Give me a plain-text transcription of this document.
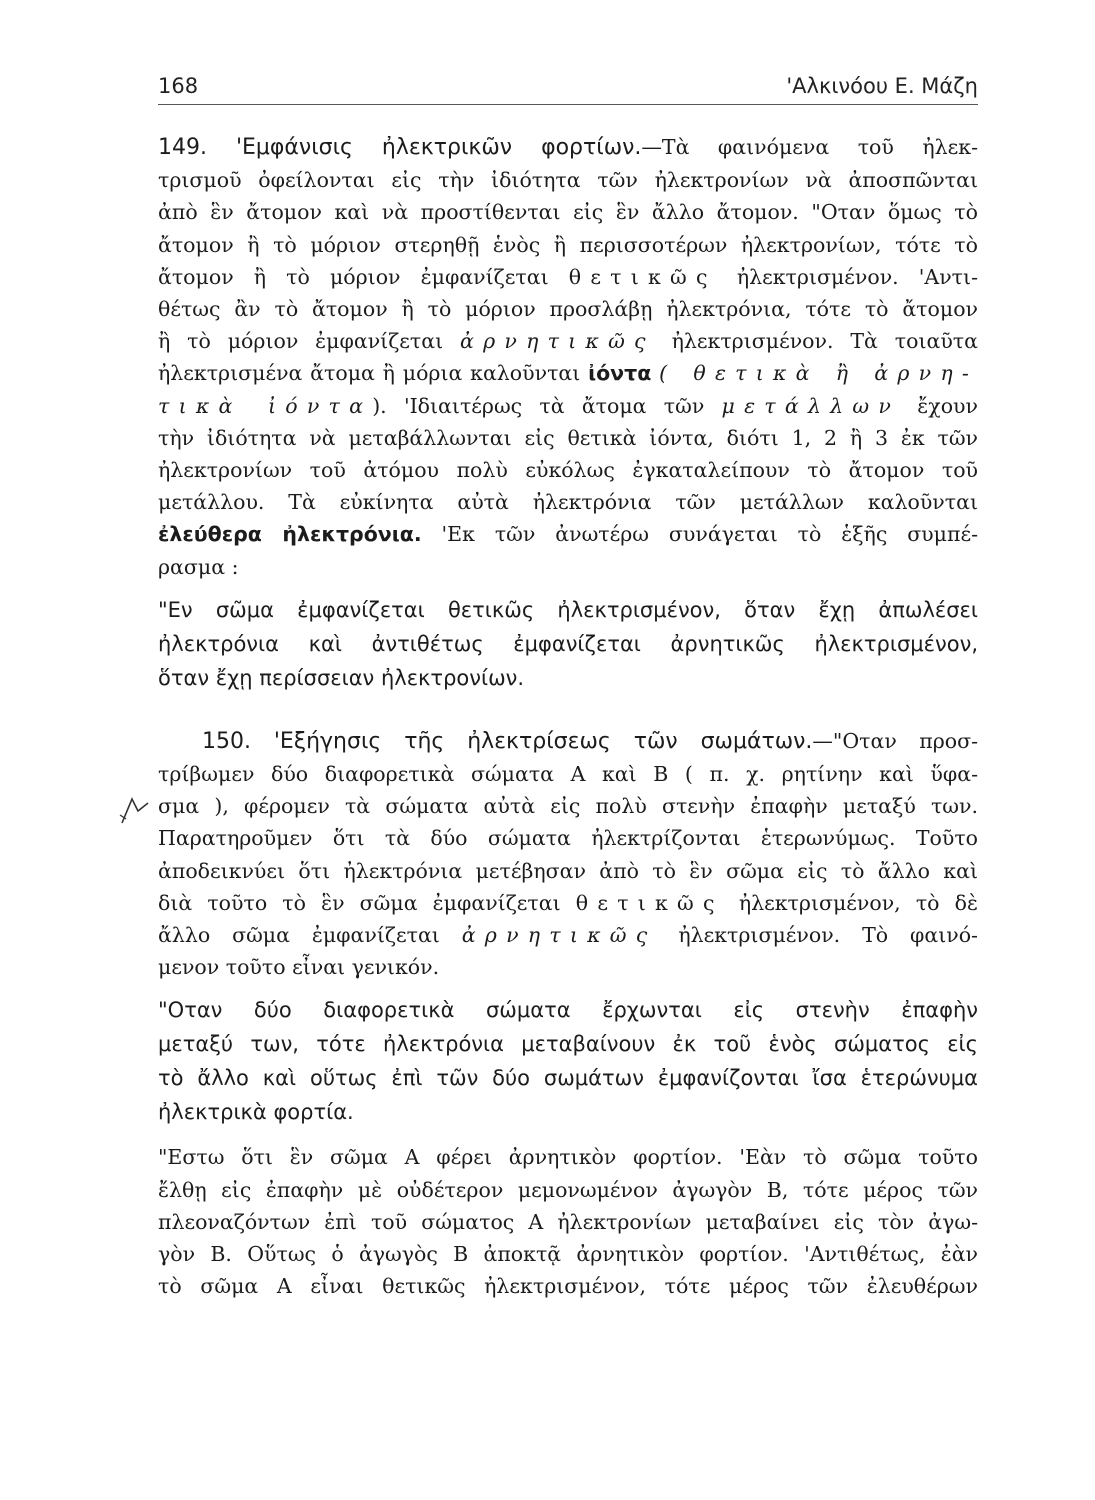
168	'Αλκινόου Ε. Μάζη
149. 'Εμφάνισις ἠλεκτρικῶν φορτίων.—Τὰ φαινόμενα τοῦ ἠλεκ-
τρισμοῦ ὀφείλονται εἰς τὴν ἰδιότητα τῶν ἠλεκτρονίων νὰ ἀποσπῶνται
ἀπὸ ἓν ἄτομον καὶ νὰ προστίθενται εἰς ἓν ἄλλο ἄτομον. "Οταν ὅμως τὸ
ἄτομον ἢ τὸ μόριον στερηθῇ ἑνὸς ἢ περισσοτέρων ἠλεκτρονίων, τότε τὸ
ἄτομον ἢ τὸ μόριον ἐμφανίζεται θετικῶς ἠλεκτρισμένον. 'Αντι-
θέτως ἂν τὸ ἄτομον ἢ τὸ μόριον προσλάβῃ ἠλεκτρόνια, τότε τὸ ἄτομον
ἢ τὸ μόριον ἐμφανίζεται ἀρνητικῶς ἠλεκτρισμένον. Τὰ τοιαῦτα
ἠλεκτρισμένα ἄτομα ἢ μόρια καλοῦνται ἰόντα ( θετικὰ ἢ ἀρνη-
τικὰ ἰόντα). 'Ιδιαιτέρως τὰ ἄτομα τῶν μετάλλων ἔχουν
τὴν ἰδιότητα νὰ μεταβάλλωνται εἰς θετικὰ ἰόντα, διότι 1, 2 ἢ 3 ἐκ τῶν
ἠλεκτρονίων τοῦ ἀτόμου πολὺ εὐκόλως ἐγκαταλείπουν τὸ ἄτομον τοῦ
μετάλλου. Τὰ εὐκίνητα αὐτὰ ἠλεκτρόνια τῶν μετάλλων καλοῦνται
ἐλεύθερα ἠλεκτρόνια. 'Εκ τῶν ἀνωτέρω συνάγεται τὸ ἑξῆς συμπέ-
ρασμα :
"Εν σῶμα ἐμφανίζεται θετικῶς ἠλεκτρισμένον, ὅταν ἔχῃ ἀπωλέσει
ἠλεκτρόνια καὶ ἀντιθέτως ἐμφανίζεται ἀρνητικῶς ἠλεκτρισμένον,
ὅταν ἔχῃ περίσσειαν ἠλεκτρονίων.
150. 'Εξήγησις τῆς ἠλεκτρίσεως τῶν σωμάτων.—"Οταν προσ-
τρίβωμεν δύο διαφορετικὰ σώματα Α καὶ Β ( π. χ. ρητίνην καὶ ὕφα-
σμα ), φέρομεν τὰ σώματα αὐτὰ εἰς πολὺ στενὴν ἐπαφὴν μεταξύ των.
Παρατηροῦμεν ὅτι τὰ δύο σώματα ἠλεκτρίζονται ἑτερωνύμως. Τοῦτο
ἀποδεικνύει ὅτι ἠλεκτρόνια μετέβησαν ἀπὸ τὸ ἓν σῶμα εἰς τὸ ἄλλο καὶ
διὰ τοῦτο τὸ ἓν σῶμα ἐμφανίζεται θετικῶς ἠλεκτρισμένον, τὸ δὲ
ἄλλο σῶμα ἐμφανίζεται ἀρνητικῶς ἠλεκτρισμένον. Τὸ φαινό-
μενον τοῦτο εἶναι γενικόν.
"Οταν δύο διαφορετικὰ σώματα ἔρχωνται εἰς στενὴν ἐπαφὴν
μεταξύ των, τότε ἠλεκτρόνια μεταβαίνουν ἐκ τοῦ ἑνὸς σώματος εἰς
τὸ ἄλλο καὶ οὕτως ἐπὶ τῶν δύο σωμάτων ἐμφανίζονται ἴσα ἑτερώνυμα
ἠλεκτρικὰ φορτία.
"Εστω ὅτι ἓν σῶμα Α φέρει ἀρνητικὸν φορτίον. 'Εὰν τὸ σῶμα τοῦτο
ἔλθῃ εἰς ἐπαφὴν μὲ οὐδέτερον μεμονωμένον ἀγωγὸν Β, τότε μέρος τῶν
πλεοναζόντων ἐπὶ τοῦ σώματος Α ἠλεκτρονίων μεταβαίνει εἰς τὸν ἀγω-
γὸν Β. Οὕτως ὁ ἀγωγὸς Β ἀποκτᾷ ἀρνητικὸν φορτίον. 'Αντιθέτως, ἐὰν
τὸ σῶμα Α εἶναι θετικῶς ἠλεκτρισμένον, τότε μέρος τῶν ἐλευθέρων
